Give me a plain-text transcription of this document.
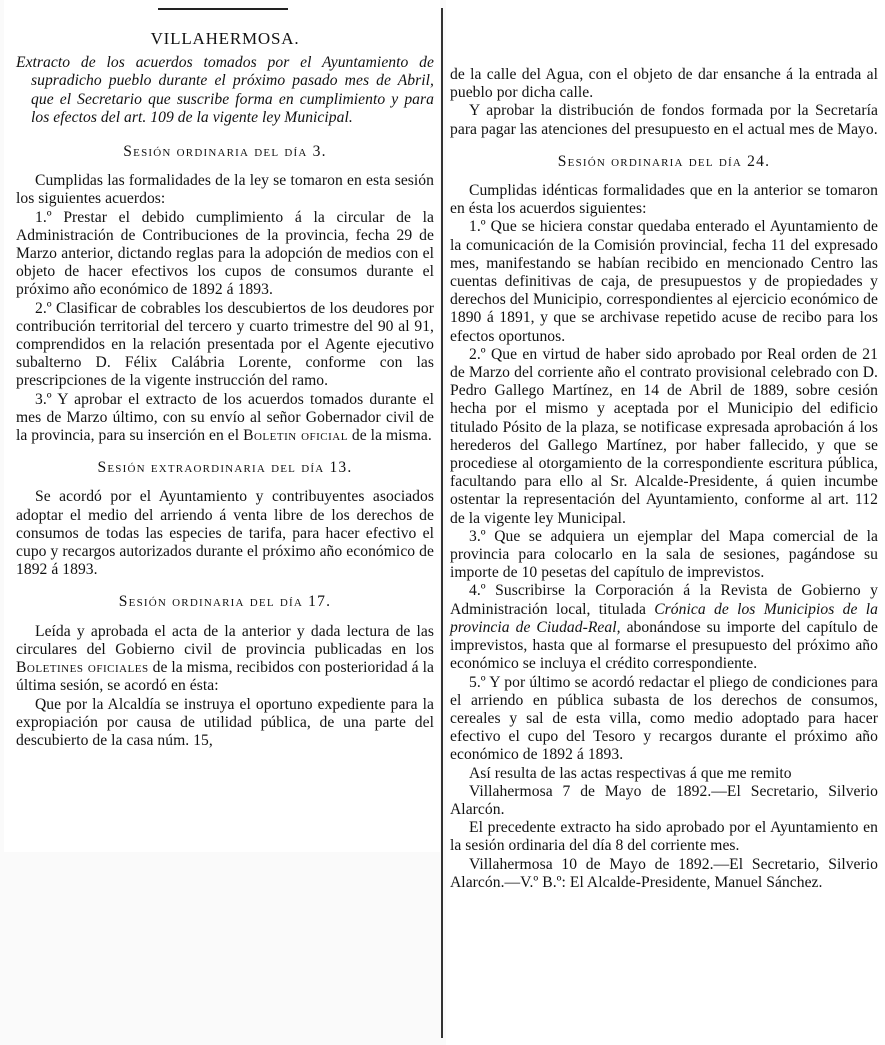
VILLAHERMOSA.

Extracto de los acuerdos tomados por el Ayuntamiento de supradicho pueblo durante el próximo pasado mes de Abril, que el Secretario que suscribe forma en cumplimiento y para los efectos del art. 109 de la vigente ley Municipal.

Sesión ordinaria del día 3.

Cumplidas las formalidades de la ley se tomaron en esta sesión los siguientes acuerdos:

1.º Prestar el debido cumplimiento á la circular de la Administración de Contribuciones de la provincia, fecha 29 de Marzo anterior, dictando reglas para la adopción de medios con el objeto de hacer efectivos los cupos de consumos durante el próximo año económico de 1892 á 1893.

2.º Clasificar de cobrables los descubiertos de los deudores por contribución territorial del tercero y cuarto trimestre del 90 al 91, comprendidos en la relación presentada por el Agente ejecutivo subalterno D. Félix Calábria Lorente, conforme con las prescripciones de la vigente instrucción del ramo.

3.º Y aprobar el extracto de los acuerdos tomados durante el mes de Marzo último, con su envío al señor Gobernador civil de la provincia, para su inserción en el Boletin oficial de la misma.

Sesión extraordinaria del día 13.

Se acordó por el Ayuntamiento y contribuyentes asociados adoptar el medio del arriendo á venta libre de los derechos de consumos de todas las especies de tarifa, para hacer efectivo el cupo y recargos autorizados durante el próximo año económico de 1892 á 1893.

Sesión ordinaria del día 17.

Leída y aprobada el acta de la anterior y dada lectura de las circulares del Gobierno civil de provincia publicadas en los Boletines oficiales de la misma, recibidos con posterioridad á la última sesión, se acordó en ésta:

Que por la Alcaldía se instruya el oportuno expediente para la expropiación por causa de utilidad pública, de una parte del descubierto de la casa núm. 15,

de la calle del Agua, con el objeto de dar ensanche á la entrada al pueblo por dicha calle.

Y aprobar la distribución de fondos formada por la Secretaría para pagar las atenciones del presupuesto en el actual mes de Mayo.

Sesión ordinaria del día 24.

Cumplidas idénticas formalidades que en la anterior se tomaron en ésta los acuerdos siguientes:

1.º Que se hiciera constar quedaba enterado el Ayuntamiento de la comunicación de la Comisión provincial, fecha 11 del expresado mes, manifestando se habían recibido en mencionado Centro las cuentas definitivas de caja, de presupuestos y de propiedades y derechos del Municipio, correspondientes al ejercicio económico de 1890 á 1891, y que se archivase repetido acuse de recibo para los efectos oportunos.

2.º Que en virtud de haber sido aprobado por Real orden de 21 de Marzo del corriente año el contrato provisional celebrado con D. Pedro Gallego Martínez, en 14 de Abril de 1889, sobre cesión hecha por el mismo y aceptada por el Municipio del edificio titulado Pósito de la plaza, se notificase expresada aprobación á los herederos del Gallego Martínez, por haber fallecido, y que se procediese al otorgamiento de la correspondiente escritura pública, facultando para ello al Sr. Alcalde-Presidente, á quien incumbe ostentar la representación del Ayuntamiento, conforme al art. 112 de la vigente ley Municipal.

3.º Que se adquiera un ejemplar del Mapa comercial de la provincia para colocarlo en la sala de sesiones, pagándose su importe de 10 pesetas del capítulo de imprevistos.

4.º Suscribirse la Corporación á la Revista de Gobierno y Administración local, titulada Crónica de los Municipios de la provincia de Ciudad-Real, abonándose su importe del capítulo de imprevistos, hasta que al formarse el presupuesto del próximo año económico se incluya el crédito correspondiente.

5.º Y por último se acordó redactar el pliego de condiciones para el arriendo en pública subasta de los derechos de consumos, cereales y sal de esta villa, como medio adoptado para hacer efectivo el cupo del Tesoro y recargos durante el próximo año económico de 1892 á 1893.

Así resulta de las actas respectivas á que me remito

Villahermosa 7 de Mayo de 1892.—El Secretario, Silverio Alarcón.

El precedente extracto ha sido aprobado por el Ayuntamiento en la sesión ordinaria del día 8 del corriente mes.

Villahermosa 10 de Mayo de 1892.—El Secretario, Silverio Alarcón.—V.º B.º: El Alcalde-Presidente, Manuel Sánchez.
